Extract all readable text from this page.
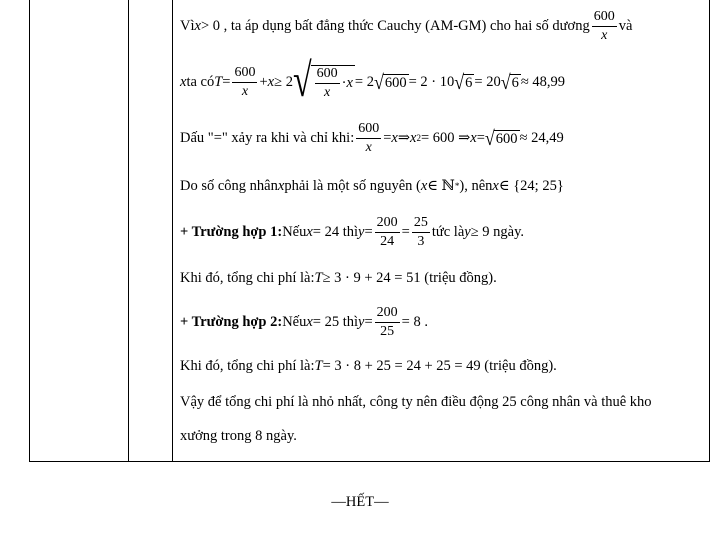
Vì x > 0 , ta áp dụng bất đẳng thức Cauchy (AM-GM) cho hai số dương $\frac{600}{x}$ và
x ta có $T = \frac{600}{x} + x \ge 2$ √ $\frac{600}{x} \cdot x = 2$ √ 600 = 2 · 10 √ 6 = 20 √ 6 ≈ 48,99
Dấu "=" xảy ra khi và chỉ khi: $\frac{600}{x} = x$ ⇒ x 2 = 600 ⇒ x = √ 600 ≈ 24,49
Do số công nhân x phải là một số nguyên ( x ∈ ℕ * ), nên x ∈ {24; 25}
+ Trường hợp 1: Nếu x = 24 thì $y = \frac{200}{24} = \frac{25}{3}$ tức là y ≥ 9 ngày.
Khi đó, tổng chi phí là: T ≥ 3 · 9 + 24 = 51 (triệu đồng).
+ Trường hợp 2: Nếu x = 25 thì $y = \frac{200}{25} = 8$ .
Khi đó, tổng chi phí là: T = 3 · 8 + 25 = 24 + 25 = 49 (triệu đồng).
Vậy để tổng chi phí là nhỏ nhất, công ty nên điều động 25 công nhân và thuê kho
xưởng trong 8 ngày.
—HẾT—
